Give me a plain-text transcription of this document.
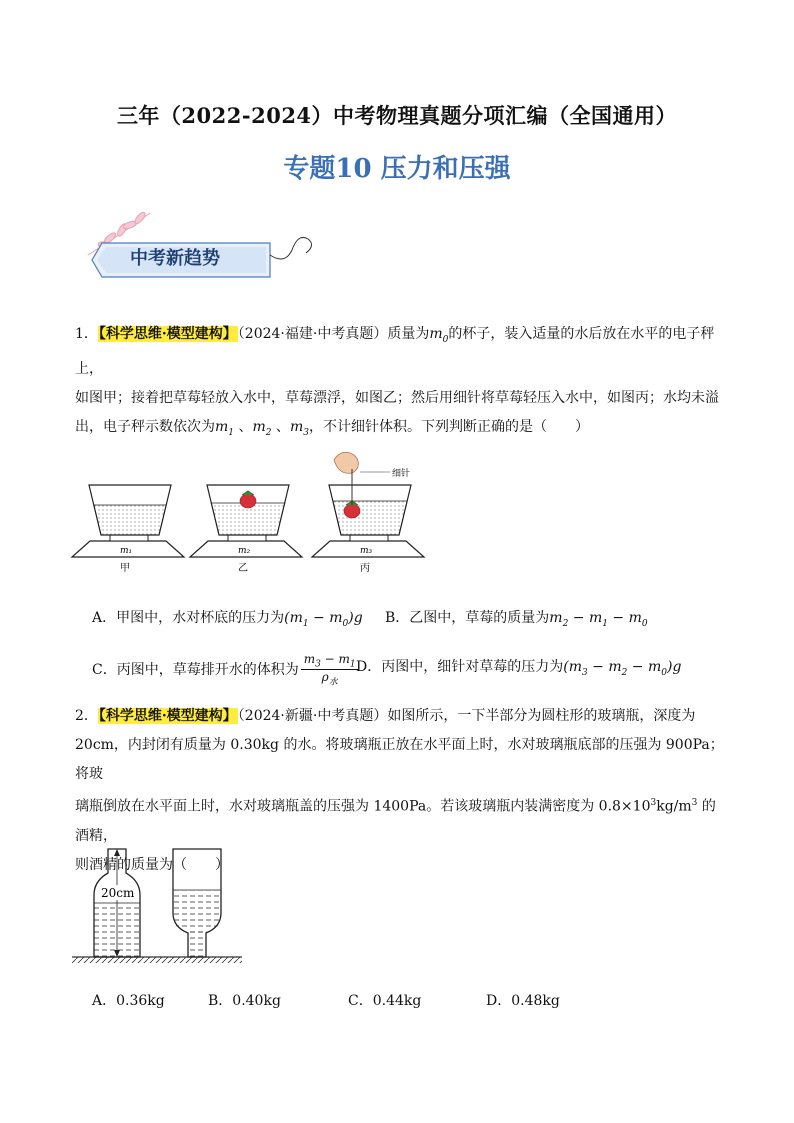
三年（2022-2024）中考物理真题分项汇编（全国通用）
专题10 压力和压强
中考新趋势
1．【科学思维·模型建构】（2024·福建·中考真题）质量为$m_0$的杯子，装入适量的水后放在水平的电子秤上，
如图甲；接着把草莓轻放入水中，草莓漂浮，如图乙；然后用细针将草莓轻压入水中，如图丙；水均未溢
出，电子秤示数依次为$m_1$ 、$m_2$ 、$m_3$，不计细针体积。下列判断正确的是（　　）
m₁
甲
m₂
乙
m₃
丙
细针
A．甲图中，水对杯底的压力为$(m_1 - m_0)g$ B．乙图中，草莓的质量为$m_2 - m_1 - m_0$
C．丙图中，草莓排开水的体积为 $\frac{m_3 - m_1}{\rho_水}$
D．丙图中，细针对草莓的压力为$(m_3 - m_2 - m_0)g$
2．【科学思维·模型建构】（2024·新疆·中考真题）如图所示，一下半部分为圆柱形的玻璃瓶，深度为
20cm，内封闭有质量为 0.30kg 的水。将玻璃瓶正放在水平面上时，水对玻璃瓶底部的压强为 900Pa；将玻
璃瓶倒放在水平面上时，水对玻璃瓶盖的压强为 1400Pa。若该玻璃瓶内装满密度为 $0.8\times 10^3kg/m^3$ 的酒精，
则酒精的质量为（　　）
20cm
A．0.36kg	B．0.40kg	C．0.44kg	D．0.48kg
